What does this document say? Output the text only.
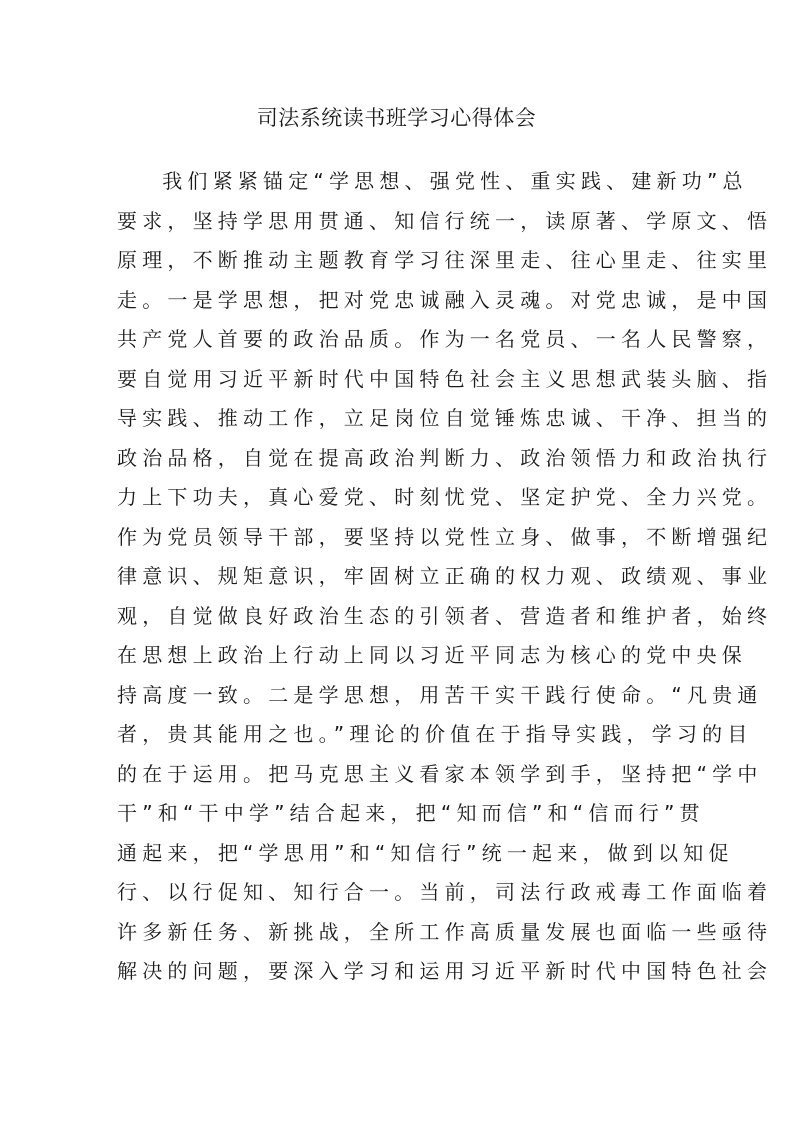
司法系统读书班学习心得体会
　我们紧紧锚定“学思想、强党性、重实践、建新功”总
要求，坚持学思用贯通、知信行统一，读原著、学原文、悟
原理，不断推动主题教育学习往深里走、往心里走、往实里
走。一是学思想，把对党忠诚融入灵魂。对党忠诚，是中国
共产党人首要的政治品质。作为一名党员、一名人民警察，
要自觉用习近平新时代中国特色社会主义思想武装头脑、指
导实践、推动工作，立足岗位自觉锤炼忠诚、干净、担当的
政治品格，自觉在提高政治判断力、政治领悟力和政治执行
力上下功夫，真心爱党、时刻忧党、坚定护党、全力兴党。
作为党员领导干部，要坚持以党性立身、做事，不断增强纪
律意识、规矩意识，牢固树立正确的权力观、政绩观、事业
观，自觉做良好政治生态的引领者、营造者和维护者，始终
在思想上政治上行动上同以习近平同志为核心的党中央保
持高度一致。二是学思想，用苦干实干践行使命。“凡贵通
者，贵其能用之也。”理论的价值在于指导实践，学习的目
的在于运用。把马克思主义看家本领学到手，坚持把“学中
干”和“干中学”结合起来，把“知而信”和“信而行”贯
通起来，把“学思用”和“知信行”统一起来，做到以知促
行、以行促知、知行合一。当前，司法行政戒毒工作面临着
许多新任务、新挑战，全所工作高质量发展也面临一些亟待
解决的问题，要深入学习和运用习近平新时代中国特色社会
